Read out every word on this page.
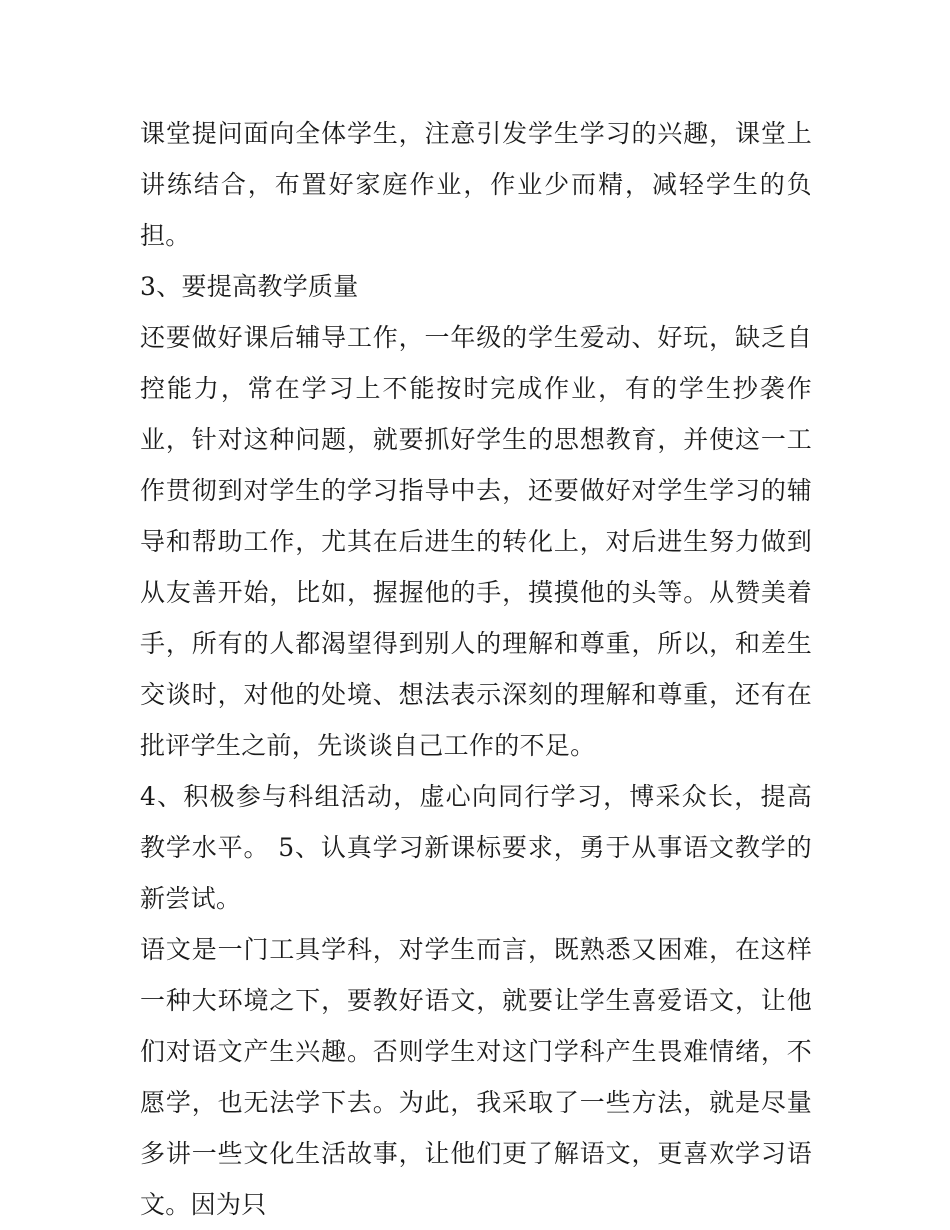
课堂提问面向全体学生，注意引发学生学习的兴趣，课堂上讲练结合，布置好家庭作业，作业少而精，减轻学生的负担。

3、要提高教学质量

还要做好课后辅导工作，一年级的学生爱动、好玩，缺乏自控能力，常在学习上不能按时完成作业，有的学生抄袭作业，针对这种问题，就要抓好学生的思想教育，并使这一工作贯彻到对学生的学习指导中去，还要做好对学生学习的辅导和帮助工作，尤其在后进生的转化上，对后进生努力做到从友善开始，比如，握握他的手，摸摸他的头等。从赞美着手，所有的人都渴望得到别人的理解和尊重，所以，和差生交谈时，对他的处境、想法表示深刻的理解和尊重，还有在批评学生之前，先谈谈自己工作的不足。

4、积极参与科组活动，虚心向同行学习，博采众长，提高教学水平。 5、认真学习新课标要求，勇于从事语文教学的新尝试。

语文是一门工具学科，对学生而言，既熟悉又困难，在这样一种大环境之下，要教好语文，就要让学生喜爱语文，让他们对语文产生兴趣。否则学生对这门学科产生畏难情绪，不愿学，也无法学下去。为此，我采取了一些方法，就是尽量多讲一些文化生活故事，让他们更了解语文，更喜欢学习语文。因为只
